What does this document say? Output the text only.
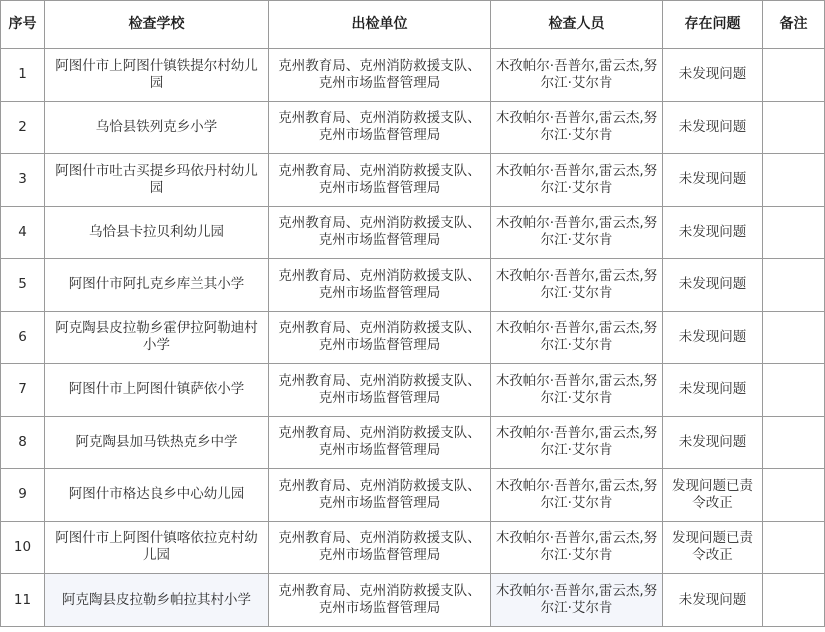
序号	检查学校	出检单位	检查人员	存在问题	备注
1	阿图什市上阿图什镇铁提尔村幼儿园	克州教育局、克州消防救援支队、克州市场监督管理局	木孜帕尔·吾普尔,雷云杰,努尔江·艾尔肯	未发现问题	
2	乌恰县铁列克乡小学	克州教育局、克州消防救援支队、克州市场监督管理局	木孜帕尔·吾普尔,雷云杰,努尔江·艾尔肯	未发现问题	
3	阿图什市吐古买提乡玛依丹村幼儿园	克州教育局、克州消防救援支队、克州市场监督管理局	木孜帕尔·吾普尔,雷云杰,努尔江·艾尔肯	未发现问题	
4	乌恰县卡拉贝利幼儿园	克州教育局、克州消防救援支队、克州市场监督管理局	木孜帕尔·吾普尔,雷云杰,努尔江·艾尔肯	未发现问题	
5	阿图什市阿扎克乡库兰其小学	克州教育局、克州消防救援支队、克州市场监督管理局	木孜帕尔·吾普尔,雷云杰,努尔江·艾尔肯	未发现问题	
6	阿克陶县皮拉勒乡霍伊拉阿勒迪村小学	克州教育局、克州消防救援支队、克州市场监督管理局	木孜帕尔·吾普尔,雷云杰,努尔江·艾尔肯	未发现问题	
7	阿图什市上阿图什镇萨依小学	克州教育局、克州消防救援支队、克州市场监督管理局	木孜帕尔·吾普尔,雷云杰,努尔江·艾尔肯	未发现问题	
8	阿克陶县加马铁热克乡中学	克州教育局、克州消防救援支队、克州市场监督管理局	木孜帕尔·吾普尔,雷云杰,努尔江·艾尔肯	未发现问题	
9	阿图什市格达良乡中心幼儿园	克州教育局、克州消防救援支队、克州市场监督管理局	木孜帕尔·吾普尔,雷云杰,努尔江·艾尔肯	发现问题已责令改正	
10	阿图什市上阿图什镇喀依拉克村幼儿园	克州教育局、克州消防救援支队、克州市场监督管理局	木孜帕尔·吾普尔,雷云杰,努尔江·艾尔肯	发现问题已责令改正	
11	阿克陶县皮拉勒乡帕拉其村小学	克州教育局、克州消防救援支队、克州市场监督管理局	木孜帕尔·吾普尔,雷云杰,努尔江·艾尔肯	未发现问题	
